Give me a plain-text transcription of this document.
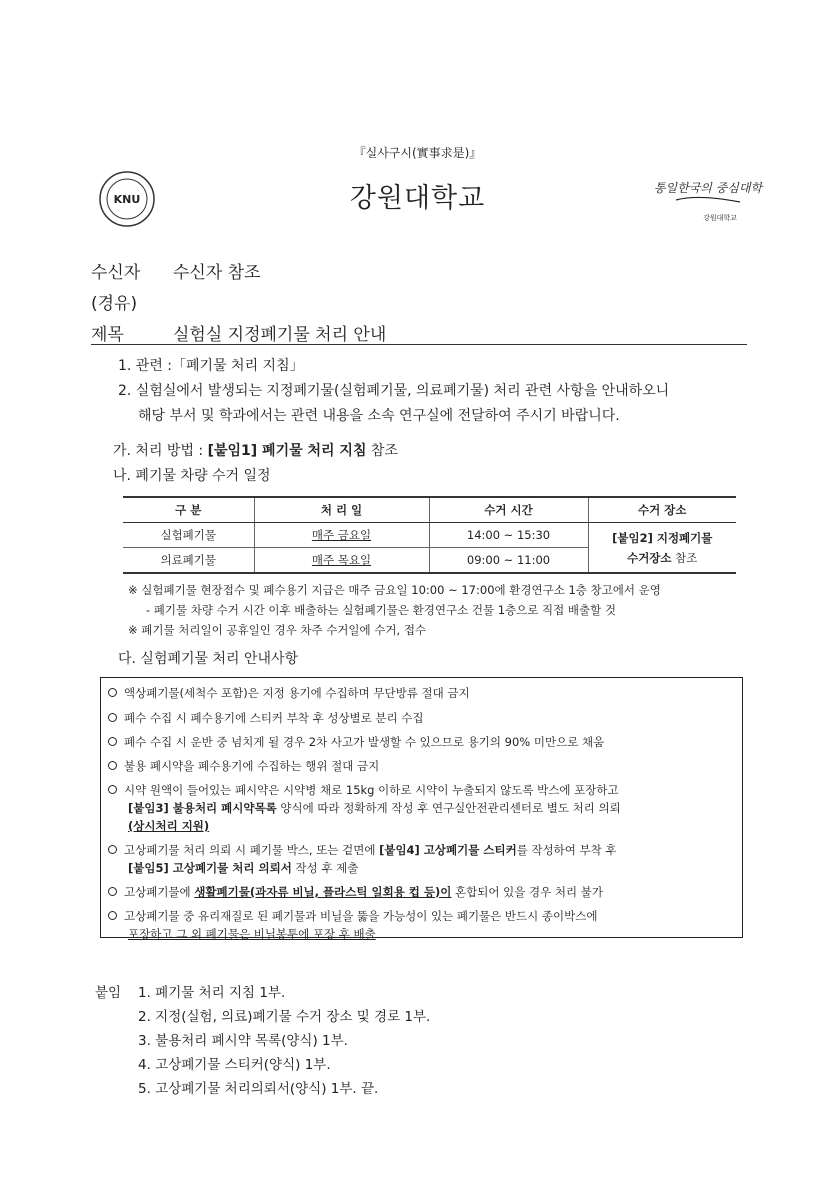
『실사구시(實事求是)』
KNU	강원대학교	통일한국의 중심대학
강원대학교
수신자 수신자 참조
(경유)
제목	실험실 지정폐기물 처리 안내
1. 관련 :「폐기물 처리 지침」
2. 실험실에서 발생되는 지정폐기물(실험폐기물, 의료폐기물) 처리 관련 사항을 안내하오니
해당 부서 및 학과에서는 관련 내용을 소속 연구실에 전달하여 주시기 바랍니다.
가. 처리 방법 : [붙임1] 폐기물 처리 지침 참조
나. 폐기물 차량 수거 일정
구 분	처 리 일	수거 시간	수거 장소
실험폐기물	매주 금요일	14:00 ~ 15:30	[붙임2] 지정폐기물
수거장소 참조
의료폐기물	매주 목요일	09:00 ~ 11:00	
※ 실험폐기물 현장접수 및 폐수용기 지급은 매주 금요일 10:00 ~ 17:00에 환경연구소 1층 창고에서 운영
- 폐기물 차량 수거 시간 이후 배출하는 실험폐기물은 환경연구소 건물 1층으로 직접 배출할 것
※ 폐기물 처리일이 공휴일인 경우 차주 수거일에 수거, 접수
다. 실험폐기물 처리 안내사항
액상폐기물(세척수 포함)은 지정 용기에 수집하며 무단방류 절대 금지
폐수 수집 시 폐수용기에 스티커 부착 후 성상별로 분리 수집
폐수 수집 시 운반 중 넘치게 될 경우 2차 사고가 발생할 수 있으므로 용기의 90% 미만으로 채움
불용 폐시약을 폐수용기에 수집하는 행위 절대 금지
시약 원액이 들어있는 폐시약은 시약병 채로 15kg 이하로 시약이 누출되지 않도록 박스에 포장하고
[붙임3] 불용처리 폐시약목록 양식에 따라 정확하게 작성 후 연구실안전관리센터로 별도 처리 의뢰
(상시처리 지원)
고상폐기물 처리 의뢰 시 폐기물 박스, 또는 겉면에 [붙임4] 고상폐기물 스티커를 작성하여 부착 후
[붙임5] 고상폐기물 처리 의뢰서 작성 후 제출
고상폐기물에 생활폐기물(과자류 비닐, 플라스틱 일회용 컵 등)이 혼합되어 있을 경우 처리 불가
고상폐기물 중 유리재질로 된 폐기물과 비닐을 뚫을 가능성이 있는 폐기물은 반드시 종이박스에
포장하고 그 외 폐기물은 비닐봉투에 포장 후 배출
붙임 1. 폐기물 처리 지침 1부.
2. 지정(실험, 의료)폐기물 수거 장소 및 경로 1부.
3. 불용처리 폐시약 목록(양식) 1부.
4. 고상폐기물 스티커(양식) 1부.
5. 고상폐기물 처리의뢰서(양식) 1부. 끝.
